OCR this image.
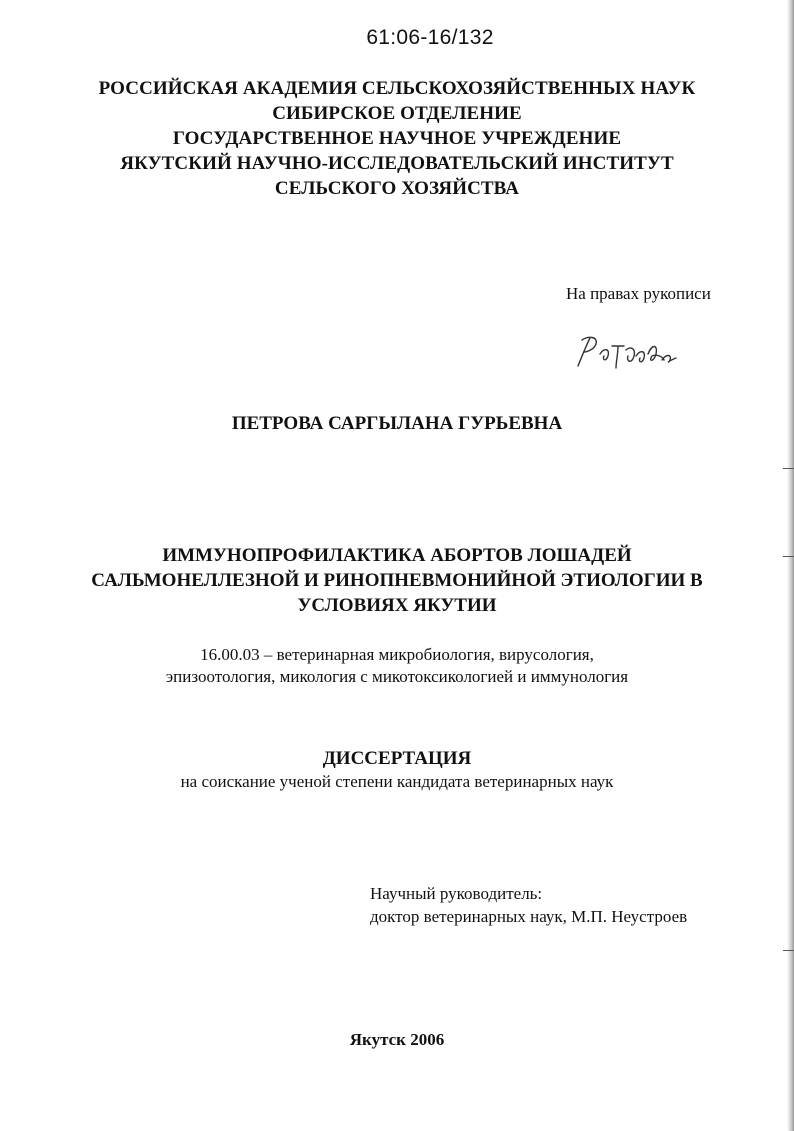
61:06-16/132
РОССИЙСКАЯ АКАДЕМИЯ СЕЛЬСКОХОЗЯЙСТВЕННЫХ НАУК
СИБИРСКОЕ ОТДЕЛЕНИЕ
ГОСУДАРСТВЕННОЕ НАУЧНОЕ УЧРЕЖДЕНИЕ
ЯКУТСКИЙ НАУЧНО-ИССЛЕДОВАТЕЛЬСКИЙ ИНСТИТУТ
СЕЛЬСКОГО ХОЗЯЙСТВА
На правах рукописи
ПЕТРОВА САРГЫЛАНА ГУРЬЕВНА
ИММУНОПРОФИЛАКТИКА АБОРТОВ ЛОШАДЕЙ
САЛЬМОНЕЛЛЕЗНОЙ И РИНОПНЕВМОНИЙНОЙ ЭТИОЛОГИИ В
УСЛОВИЯХ ЯКУТИИ
16.00.03 – ветеринарная микробиология, вирусология,
эпизоотология, микология с микотоксикологией и иммунология
ДИССЕРТАЦИЯ
на соискание ученой степени кандидата ветеринарных наук
Научный руководитель:
доктор ветеринарных наук, М.П. Неустроев
Якутск 2006
